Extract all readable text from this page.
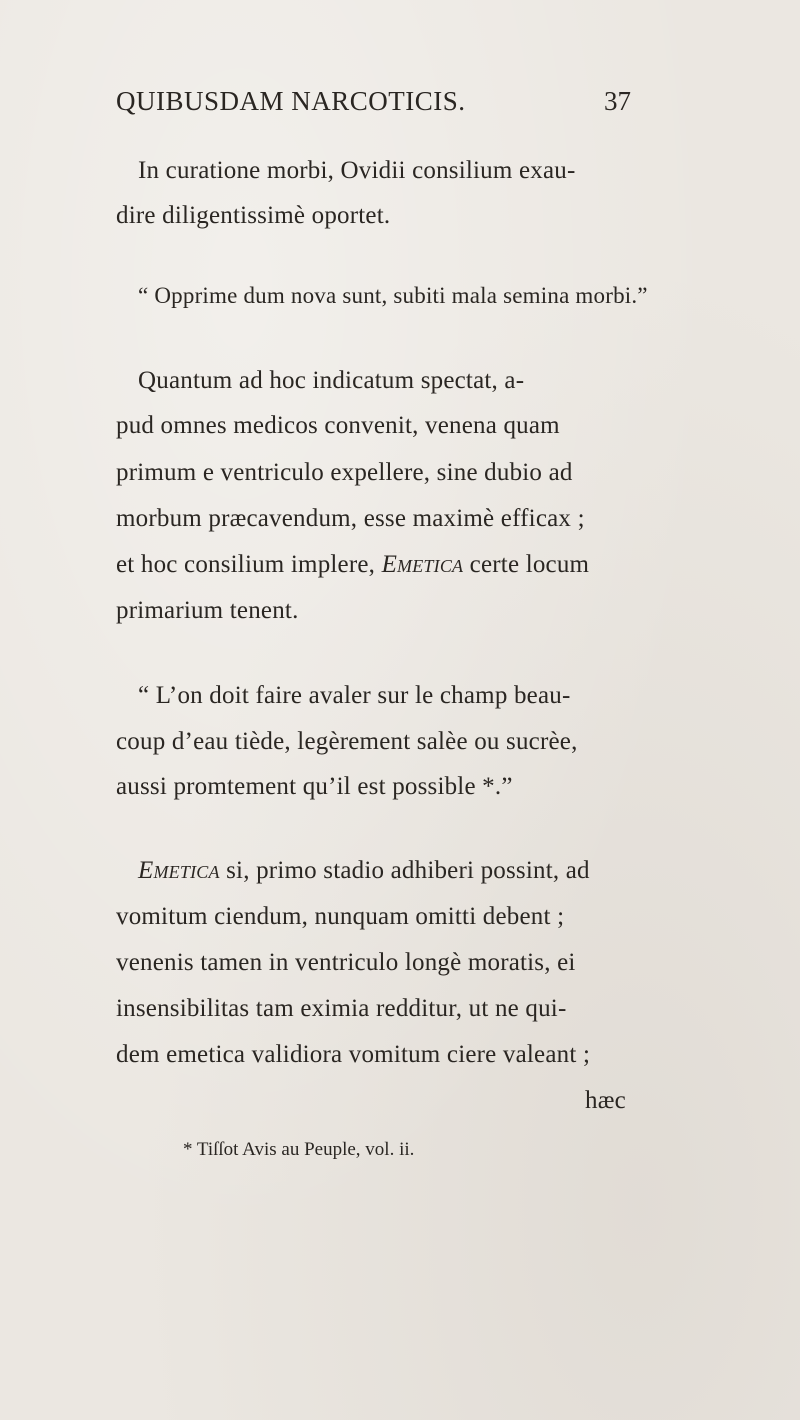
QUIBUSDAM NARCOTICIS.	37
In curatione morbi, Ovidii consilium exau-
dire diligentissimè oportet.
“ Opprime dum nova sunt, subiti mala semina morbi.”
Quantum ad hoc indicatum spectat, a-
pud omnes medicos convenit, venena quam
primum e ventriculo expellere, sine dubio ad
morbum præcavendum, esse maximè efficax ;
et hoc consilium implere, Emetica certe locum
primarium tenent.
“ L’on doit faire avaler sur le champ beau-
coup d’eau tiède, legèrement salèe ou sucrèe,
aussi promtement qu’il est possible *.”
Emetica si, primo stadio adhiberi possint, ad
vomitum ciendum, nunquam omitti debent ;
venenis tamen in ventriculo longè moratis, ei
insensibilitas tam eximia redditur, ut ne qui-
dem emetica validiora vomitum ciere valeant ;
hæc
* Tiſſot Avis au Peuple, vol. ii.
